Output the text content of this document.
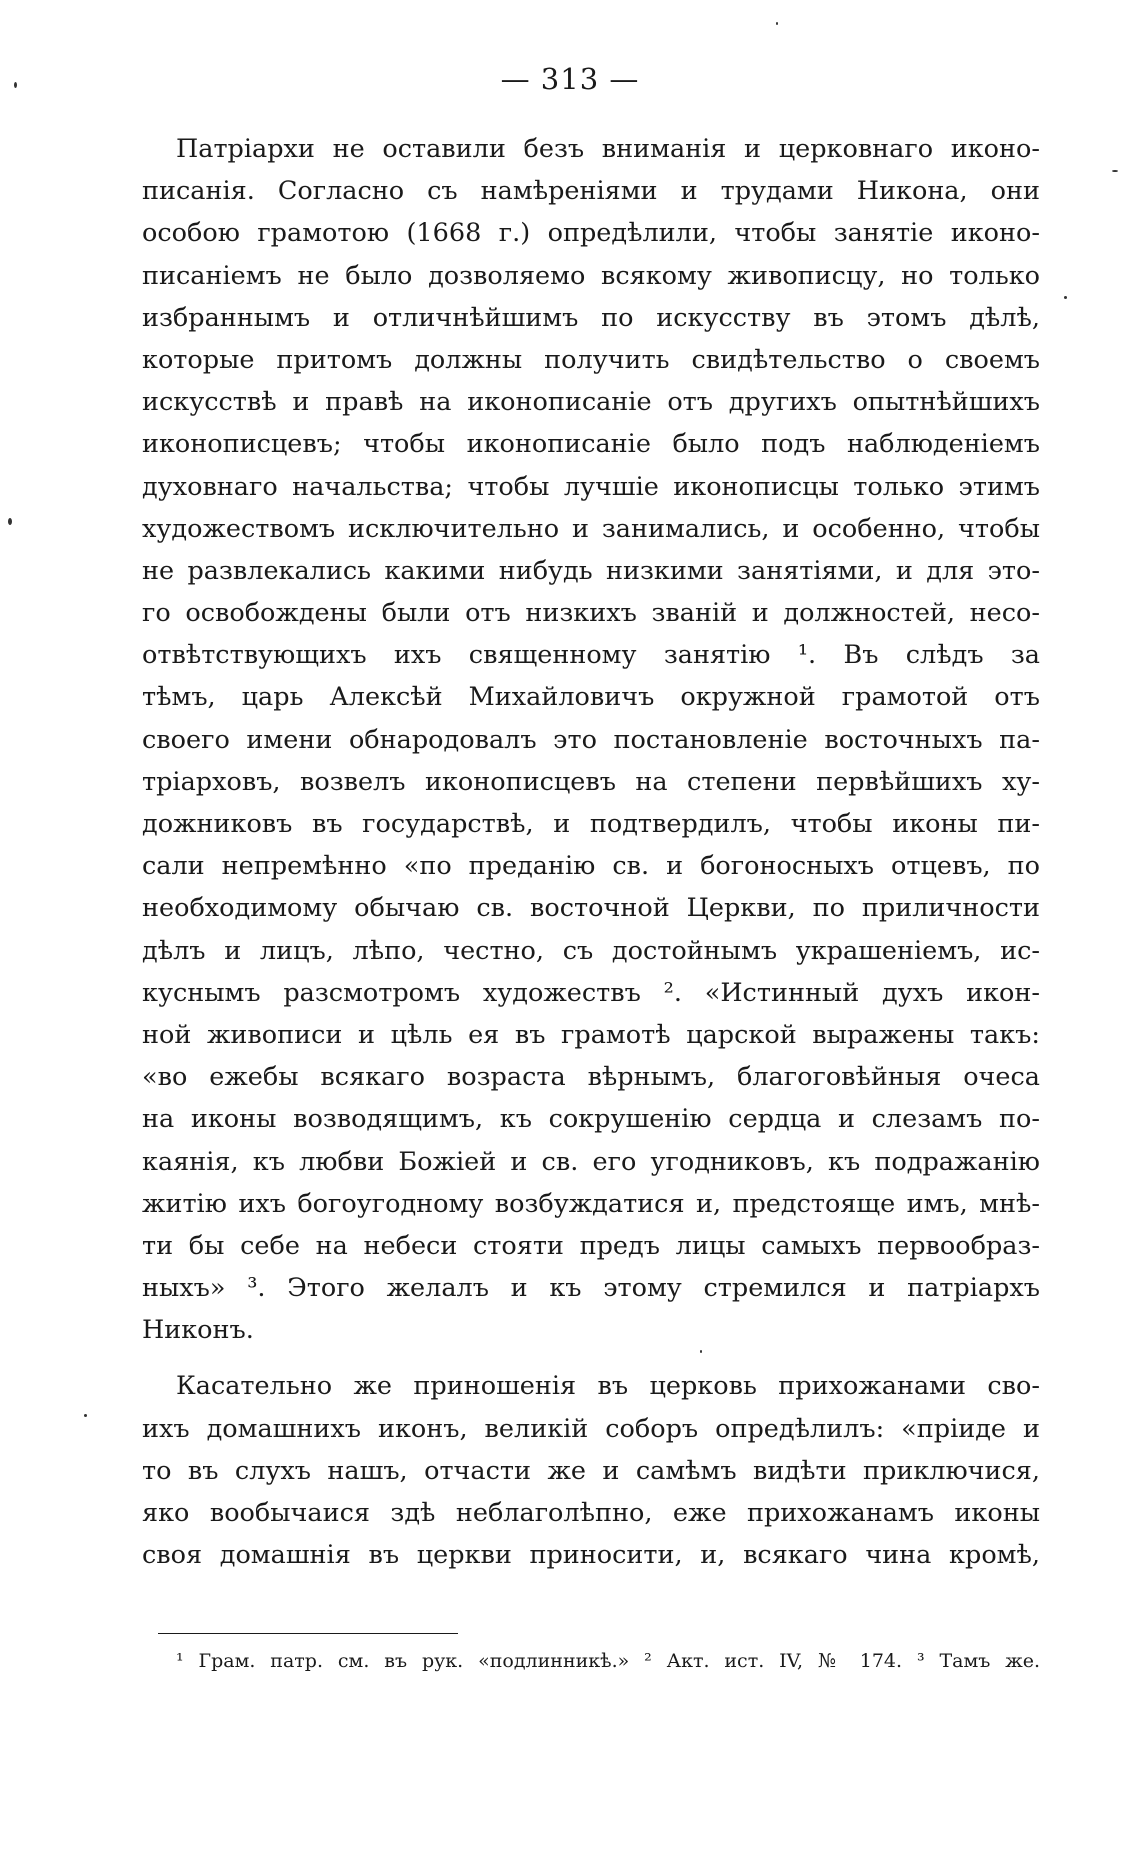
— 313 —
Патріархи не оставили безъ вниманія и церковнаго иконо-
писанія. Согласно съ намѣреніями и трудами Никона, они
особою грамотою (1668 г.) опредѣлили, чтобы занятіе иконо-
писаніемъ не было дозволяемо всякому живописцу, но только
избраннымъ и отличнѣйшимъ по искусству въ этомъ дѣлѣ,
которые притомъ должны получить свидѣтельство о своемъ
искусствѣ и правѣ на иконописаніе отъ другихъ опытнѣйшихъ
иконописцевъ; чтобы иконописаніе было подъ наблюденіемъ
духовнаго начальства; чтобы лучшіе иконописцы только этимъ
художествомъ исключительно и занимались, и особенно, чтобы
не развлекались какими нибудь низкими занятіями, и для это-
го освобождены были отъ низкихъ званій и должностей, несо-
отвѣтствующихъ ихъ священному занятію ¹. Въ слѣдъ за
тѣмъ, царь Алексѣй Михайловичъ окружной грамотой отъ
своего имени обнародовалъ это постановленіе восточныхъ па-
тріарховъ, возвелъ иконописцевъ на степени первѣйшихъ ху-
дожниковъ въ государствѣ, и подтвердилъ, чтобы иконы пи-
сали непремѣнно «по преданію св. и богоносныхъ отцевъ, по
необходимому обычаю св. восточной Церкви, по приличности
дѣлъ и лицъ, лѣпо, честно, съ достойнымъ украшеніемъ, ис-
куснымъ разсмотромъ художествъ ². «Истинный духъ икон-
ной живописи и цѣль ея въ грамотѣ царской выражены такъ:
«во ежебы всякаго возраста вѣрнымъ, благоговѣйныя очеса
на иконы возводящимъ, къ сокрушенію сердца и слезамъ по-
каянія, къ любви Божіей и св. его угодниковъ, къ подражанію
житію ихъ богоугодному возбуждатися и, предстояще имъ, мнѣ-
ти бы себе на небеси стояти предъ лицы самыхъ первообраз-
ныхъ» ³. Этого желалъ и къ этому стремился и патріархъ
Никонъ.
Касательно же приношенія въ церковь прихожанами сво-
ихъ домашнихъ иконъ, великій соборъ опредѣлилъ: «пріиде и
то въ слухъ нашъ, отчасти же и самѣмъ видѣти приключися,
яко вообычаися здѣ неблаголѣпно, еже прихожанамъ иконы
своя домашнія въ церкви приносити, и, всякаго чина кромѣ,
¹ Грам. патр. см. въ рук. «подлинникѣ.» ² Акт. ист. IV, № 174. ³ Тамъ же.
